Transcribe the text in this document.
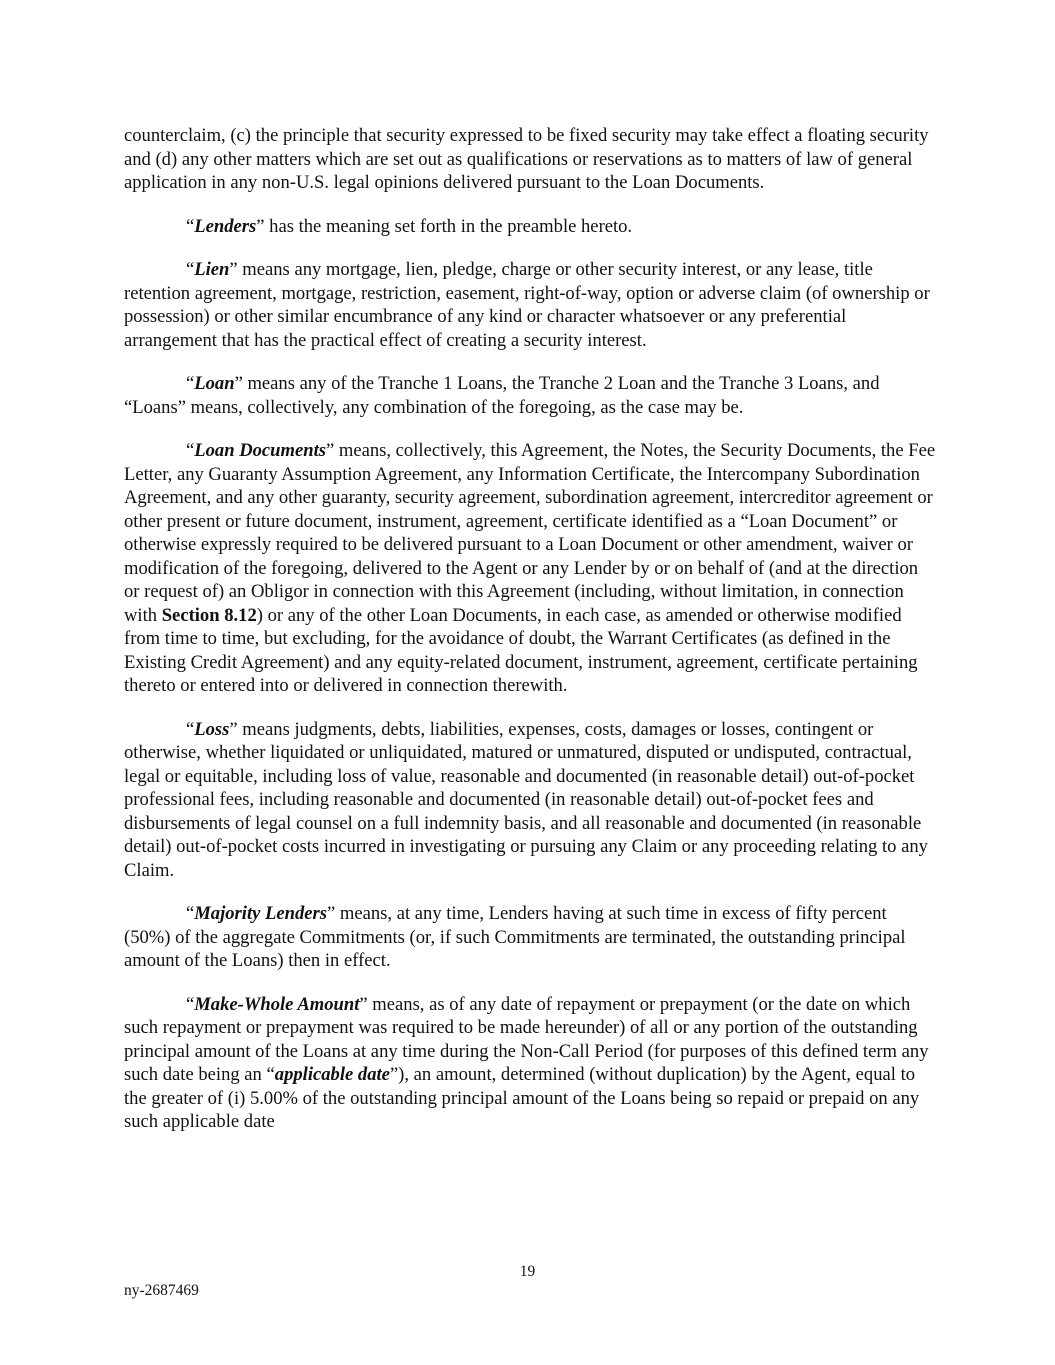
counterclaim, (c) the principle that security expressed to be fixed security may take effect a floating security and (d) any other matters which are set out as qualifications or reservations as to matters of law of general application in any non-U.S. legal opinions delivered pursuant to the Loan Documents.

“Lenders” has the meaning set forth in the preamble hereto.

“Lien” means any mortgage, lien, pledge, charge or other security interest, or any lease, title retention agreement, mortgage, restriction, easement, right-of-way, option or adverse claim (of ownership or possession) or other similar encumbrance of any kind or character whatsoever or any preferential arrangement that has the practical effect of creating a security interest.

“Loan” means any of the Tranche 1 Loans, the Tranche 2 Loan and the Tranche 3 Loans, and “Loans” means, collectively, any combination of the foregoing, as the case may be.

“Loan Documents” means, collectively, this Agreement, the Notes, the Security Documents, the Fee Letter, any Guaranty Assumption Agreement, any Information Certificate, the Intercompany Subordination Agreement, and any other guaranty, security agreement, subordination agreement, intercreditor agreement or other present or future document, instrument, agreement, certificate identified as a “Loan Document” or otherwise expressly required to be delivered pursuant to a Loan Document or other amendment, waiver or modification of the foregoing, delivered to the Agent or any Lender by or on behalf of (and at the direction or request of) an Obligor in connection with this Agreement (including, without limitation, in connection with Section 8.12) or any of the other Loan Documents, in each case, as amended or otherwise modified from time to time, but excluding, for the avoidance of doubt, the Warrant Certificates (as defined in the Existing Credit Agreement) and any equity-related document, instrument, agreement, certificate pertaining thereto or entered into or delivered in connection therewith.

“Loss” means judgments, debts, liabilities, expenses, costs, damages or losses, contingent or otherwise, whether liquidated or unliquidated, matured or unmatured, disputed or undisputed, contractual, legal or equitable, including loss of value, reasonable and documented (in reasonable detail) out-of-pocket professional fees, including reasonable and documented (in reasonable detail) out-of-pocket fees and disbursements of legal counsel on a full indemnity basis, and all reasonable and documented (in reasonable detail) out-of-pocket costs incurred in investigating or pursuing any Claim or any proceeding relating to any Claim.

“Majority Lenders” means, at any time, Lenders having at such time in excess of fifty percent (50%) of the aggregate Commitments (or, if such Commitments are terminated, the outstanding principal amount of the Loans) then in effect.

“Make-Whole Amount” means, as of any date of repayment or prepayment (or the date on which such repayment or prepayment was required to be made hereunder) of all or any portion of the outstanding principal amount of the Loans at any time during the Non-Call Period (for purposes of this defined term any such date being an “applicable date”), an amount, determined (without duplication) by the Agent, equal to the greater of (i) 5.00% of the outstanding principal amount of the Loans being so repaid or prepaid on any such applicable date

19
ny-2687469
